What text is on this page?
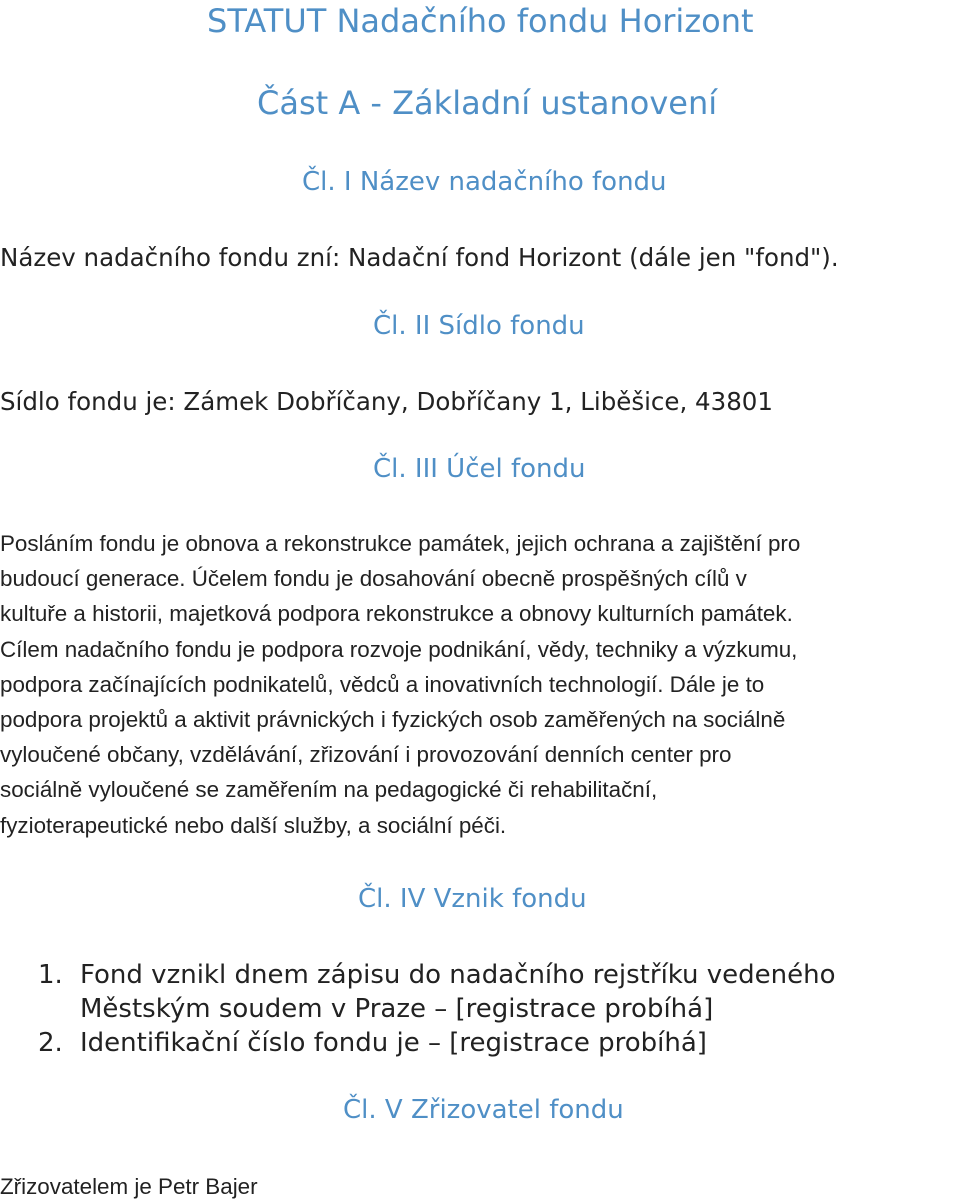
STATUT Nadačního fondu Horizont
Část A - Základní ustanovení
Čl. I Název nadačního fondu

Název nadačního fondu zní: Nadační fond Horizont (dále jen "fond").

Čl. II Sídlo fondu

Sídlo fondu je: Zámek Dobříčany, Dobříčany 1, Liběšice, 43801

Čl. III Účel fondu
Posláním fondu je obnova a rekonstrukce památek, jejich ochrana a zajištění pro
budoucí generace. Účelem fondu je dosahování obecně prospěšných cílů v
kultuře a historii, majetková podpora rekonstrukce a obnovy kulturních památek.
Cílem nadačního fondu je podpora rozvoje podnikání, vědy, techniky a výzkumu,
podpora začínajících podnikatelů, vědců a inovativních technologií. Dále je to
podpora projektů a aktivit právnických i fyzických osob zaměřených na sociálně
vyloučené občany, vzdělávání, zřizování i provozování denních center pro
sociálně vyloučené se zaměřením na pedagogické či rehabilitační,
fyzioterapeutické nebo další služby, a sociální péči.
Čl. IV Vznik fondu
1. Fond vznikl dnem zápisu do nadačního rejstříku vedeného
Městským soudem v Praze – [registrace probíhá]
2. Identifikační číslo fondu je – [registrace probíhá]
Čl. V Zřizovatel fondu

Zřizovatelem je Petr Bajer
